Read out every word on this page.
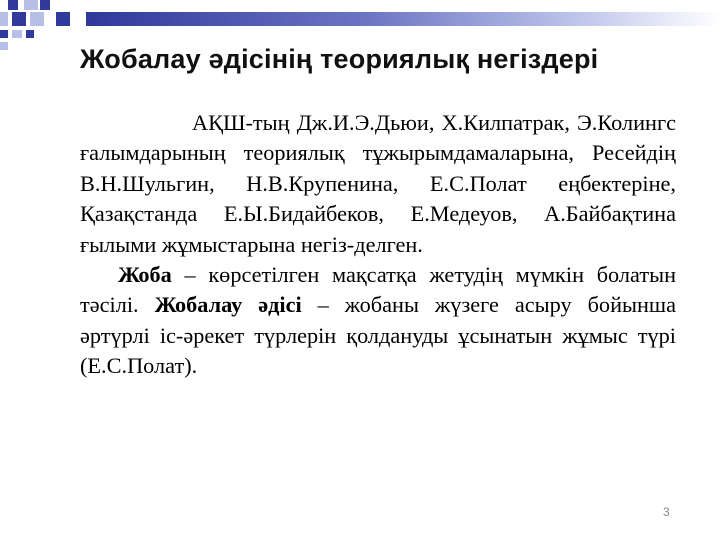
Жобалау әдісінің теориялық негіздері

АҚШ-тың Дж.И.Э.Дьюи, Х.Килпатрак, Э.Колингс ғалымдарының теориялық тұжырымдамаларына, Ресейдің В.Н.Шульгин, Н.В.Крупенина, Е.С.Полат еңбектеріне, Қазақстанда Е.Ы.Бидайбеков, Е.Медеуов, А.Байбақтина ғылыми жұмыстарына негіз-делген.

Жоба – көрсетілген мақсатқа жетудің мүмкін болатын тәсілі. Жобалау әдісі – жобаны жүзеге асыру бойынша әртүрлі іс-әрекет түрлерін қолдануды ұсынатын жұмыс түрі (Е.С.Полат).

3
